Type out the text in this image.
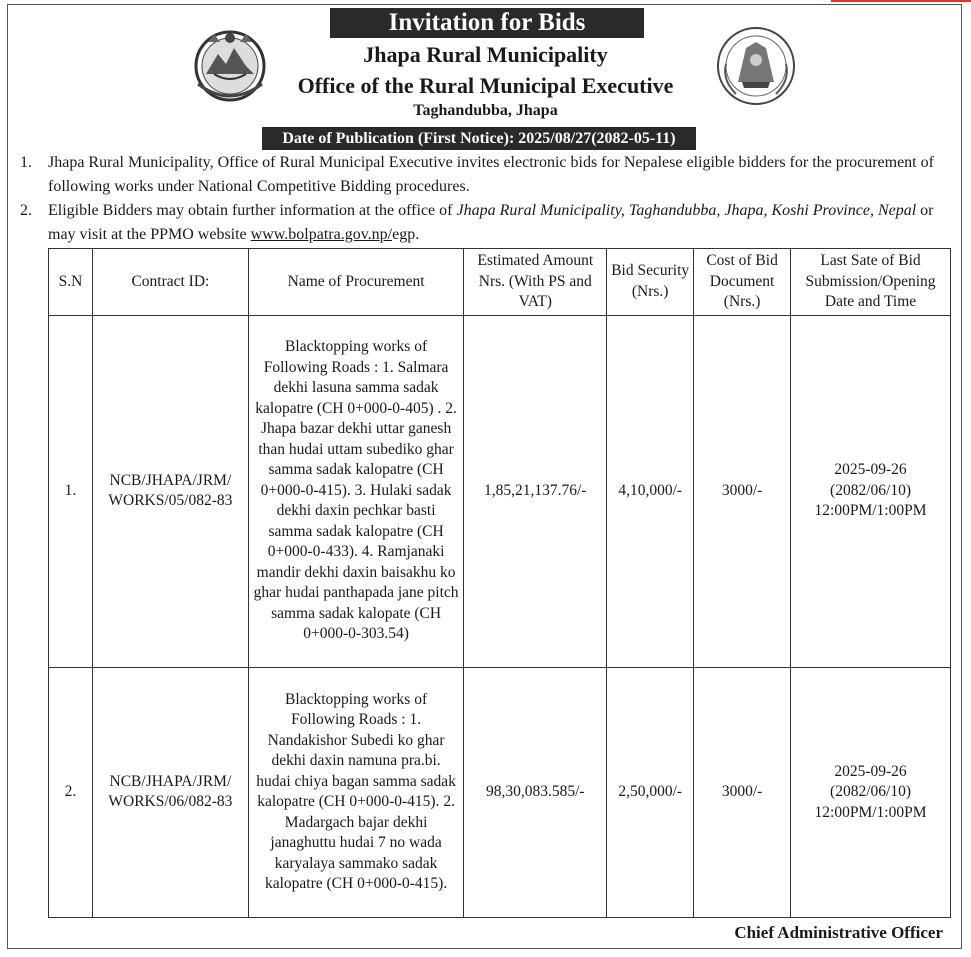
Invitation for Bids
Jhapa Rural Municipality
Office of the Rural Municipal Executive
Taghandubba, Jhapa
Date of Publication (First Notice): 2025/08/27(2082-05-11)
1.	Jhapa Rural Municipality, Office of Rural Municipal Executive invites electronic bids for Nepalese eligible bidders for the procurement of following works under National Competitive Bidding procedures.
2.	Eligible Bidders may obtain further information at the office of Jhapa Rural Municipality, Taghandubba, Jhapa, Koshi Province, Nepal or may visit at the PPMO website www.bolpatra.gov.np/egp.
S.N	Contract ID:	Name of Procurement	Estimated Amount Nrs. (With PS and VAT)	Bid Security (Nrs.)	Cost of Bid Document (Nrs.)	Last Sate of Bid Submission/Opening Date and Time
1.	NCB/JHAPA/JRM/ WORKS/05/082-83	Blacktopping works of Following Roads : 1. Salmara dekhi lasuna samma sadak kalopatre (CH 0+000-0-405) . 2. Jhapa bazar dekhi uttar ganesh than hudai uttam subediko ghar samma sadak kalopatre (CH 0+000-0-415). 3. Hulaki sadak dekhi daxin pechkar basti samma sadak kalopatre (CH 0+000-0-433). 4. Ramjanaki mandir dekhi daxin baisakhu ko ghar hudai panthapada jane pitch samma sadak kalopate (CH 0+000-0-303.54)	1,85,21,137.76/-	4,10,000/-	3000/-	2025-09-26 (2082/06/10) 12:00PM/1:00PM
2.	NCB/JHAPA/JRM/ WORKS/06/082-83	Blacktopping works of Following Roads : 1. Nandakishor Subedi ko ghar dekhi daxin namuna pra.bi. hudai chiya bagan samma sadak kalopatre (CH 0+000-0-415). 2. Madargach bajar dekhi janaghuttu hudai 7 no wada karyalaya sammako sadak kalopatre (CH 0+000-0-415).	98,30,083.585/-	2,50,000/-	3000/-	2025-09-26 (2082/06/10) 12:00PM/1:00PM
Chief Administrative Officer
